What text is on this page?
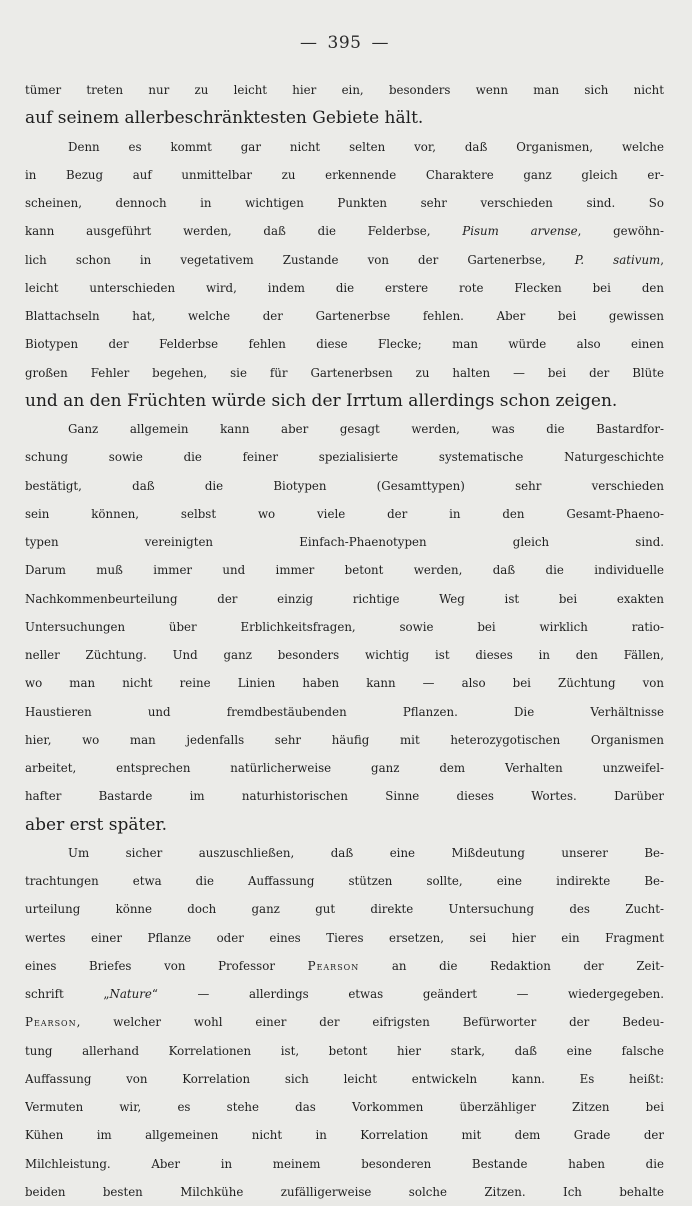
— 395 —
tümer treten nur zu leicht hier ein, besonders wenn man sich nicht
auf seinem allerbeschränktesten Gebiete hält.
Denn es kommt gar nicht selten vor, daß Organismen, welche
in Bezug auf unmittelbar zu erkennende Charaktere ganz gleich er-
scheinen, dennoch in wichtigen Punkten sehr verschieden sind. So
kann ausgeführt werden, daß die Felderbse, Pisum arvense, gewöhn-
lich schon in vegetativem Zustande von der Gartenerbse, P. sativum,
leicht unterschieden wird, indem die erstere rote Flecken bei den
Blattachseln hat, welche der Gartenerbse fehlen. Aber bei gewissen
Biotypen der Felderbse fehlen diese Flecke; man würde also einen
großen Fehler begehen, sie für Gartenerbsen zu halten — bei der Blüte
und an den Früchten würde sich der Irrtum allerdings schon zeigen.
Ganz allgemein kann aber gesagt werden, was die Bastardfor-
schung sowie die feiner spezialisierte systematische Naturgeschichte
bestätigt, daß die Biotypen (Gesamttypen) sehr verschieden
sein können, selbst wo viele der in den Gesamt-Phaeno-
typen vereinigten Einfach-Phaenotypen gleich sind.
Darum muß immer und immer betont werden, daß die individuelle
Nachkommenbeurteilung der einzig richtige Weg ist bei exakten
Untersuchungen über Erblichkeitsfragen, sowie bei wirklich ratio-
neller Züchtung. Und ganz besonders wichtig ist dieses in den Fällen,
wo man nicht reine Linien haben kann — also bei Züchtung von
Haustieren und fremdbestäubenden Pflanzen. Die Verhältnisse
hier, wo man jedenfalls sehr häufig mit heterozygotischen Organismen
arbeitet, entsprechen natürlicherweise ganz dem Verhalten unzweifel-
hafter Bastarde im naturhistorischen Sinne dieses Wortes. Darüber
aber erst später.
Um sicher auszuschließen, daß eine Mißdeutung unserer Be-
trachtungen etwa die Auffassung stützen sollte, eine indirekte Be-
urteilung könne doch ganz gut direkte Untersuchung des Zucht-
wertes einer Pflanze oder eines Tieres ersetzen, sei hier ein Fragment
eines Briefes von Professor Pearson an die Redaktion der Zeit-
schrift „Nature“ — allerdings etwas geändert — wiedergegeben.
Pearson, welcher wohl einer der eifrigsten Befürworter der Bedeu-
tung allerhand Korrelationen ist, betont hier stark, daß eine falsche
Auffassung von Korrelation sich leicht entwickeln kann. Es heißt:
Vermuten wir, es stehe das Vorkommen überzähliger Zitzen bei
Kühen im allgemeinen nicht in Korrelation mit dem Grade der
Milchleistung. Aber in meinem besonderen Bestande haben die
beiden besten Milchkühe zufälligerweise solche Zitzen. Ich behalte
